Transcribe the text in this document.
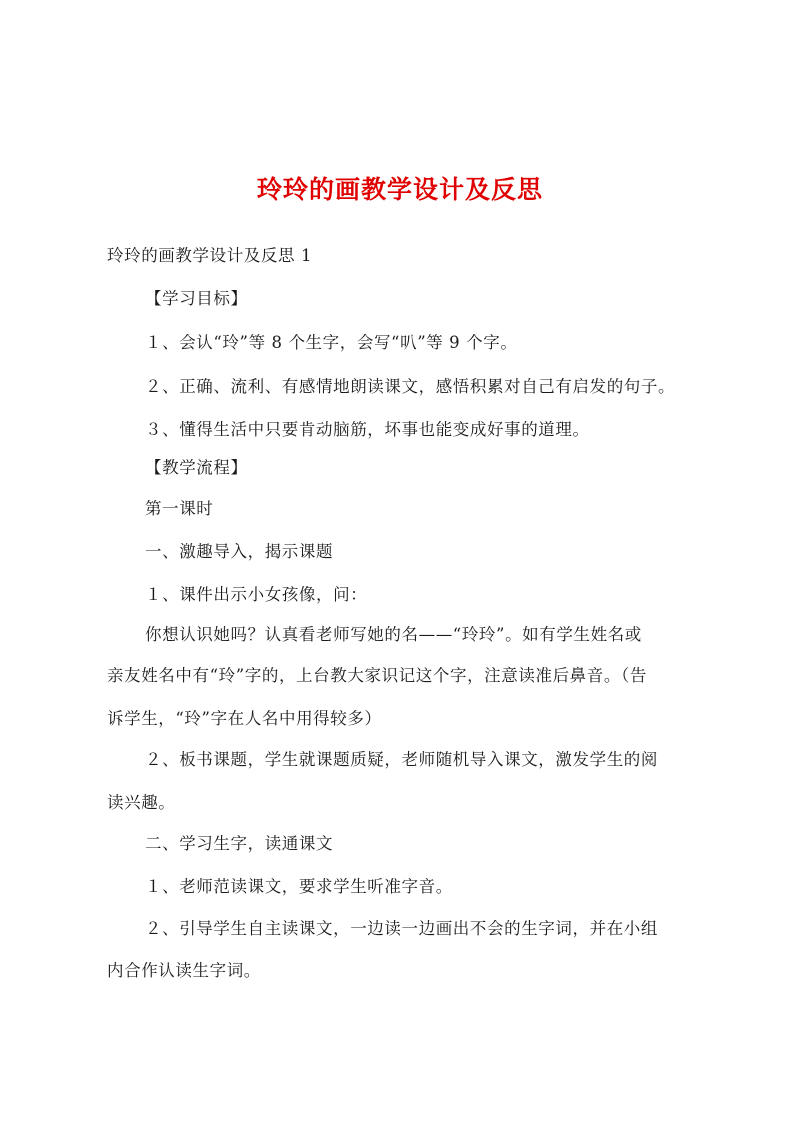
玲玲的画教学设计及反思
玲玲的画教学设计及反思 1
【学习目标】
１、会认“玲”等 8 个生字，会写“叭”等 9 个字。
２、正确、流利、有感情地朗读课文，感悟积累对自己有启发的句子。
３、懂得生活中只要肯动脑筋，坏事也能变成好事的道理。
【教学流程】
第一课时
一、激趣导入，揭示课题
１、课件出示小女孩像，问：
你想认识她吗？认真看老师写她的名——“玲玲”。如有学生姓名或
亲友姓名中有“玲”字的，上台教大家识记这个字，注意读准后鼻音。（告
诉学生，“玲”字在人名中用得较多）
２、板书课题，学生就课题质疑，老师随机导入课文，激发学生的阅
读兴趣。
二、学习生字，读通课文
１、老师范读课文，要求学生听准字音。
２、引导学生自主读课文，一边读一边画出不会的生字词，并在小组
内合作认读生字词。
